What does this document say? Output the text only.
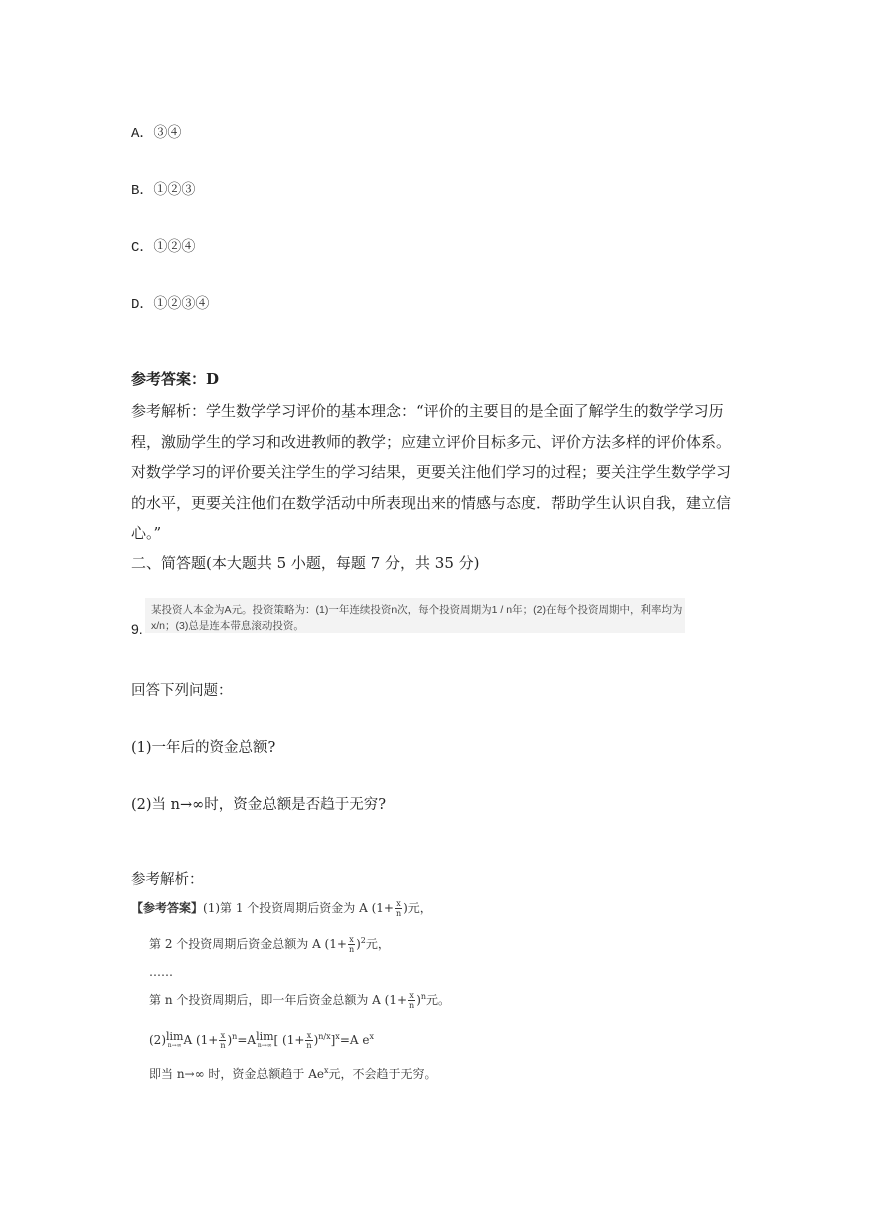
A．③④
B．①②③
C．①②④
D．①②③④
参考答案：D
参考解析：学生数学学习评价的基本理念：“评价的主要目的是全面了解学生的数学学习历
程，激励学生的学习和改进教师的教学；应建立评价目标多元、评价方法多样的评价体系。
对数学学习的评价要关注学生的学习结果，更要关注他们学习的过程；要关注学生数学学习
的水平，更要关注他们在数学活动中所表现出来的情感与态度．帮助学生认识自我，建立信
心。”
二、简答题(本大题共 5 小题，每题 7 分，共 35 分)
9.
某投资人本金为A元。投资策略为：(1)一年连续投资n次，每个投资周期为1 / n年；(2)在每个投资周期中，利率均为
x/n；(3)总是连本带息滚动投资。
回答下列问题：
(1)一年后的资金总额?
(2)当 n→∞时，资金总额是否趋于无穷?
参考解析：
【参考答案】(1)第 1 个投资周期后资金为 A ($1+ \frac{x}{n}$ )元，
第 2 个投资周期后资金总额为 A $(1+ \frac{x}{n} )^2$元，
……
第 n 个投资周期后，即一年后资金总额为 A $(1+ \frac{x}{n} )^n$元。
(2) lim
n→∞ A $(1+ \frac{x}{n} )^n=A$ lim
n→∞ [ $(1+ \frac{x}{n} )^{n/x}]^x=A$ $e^x$
即当 n→∞ 时，资金总额趋于 Ae$^x$元，不会趋于无穷。
